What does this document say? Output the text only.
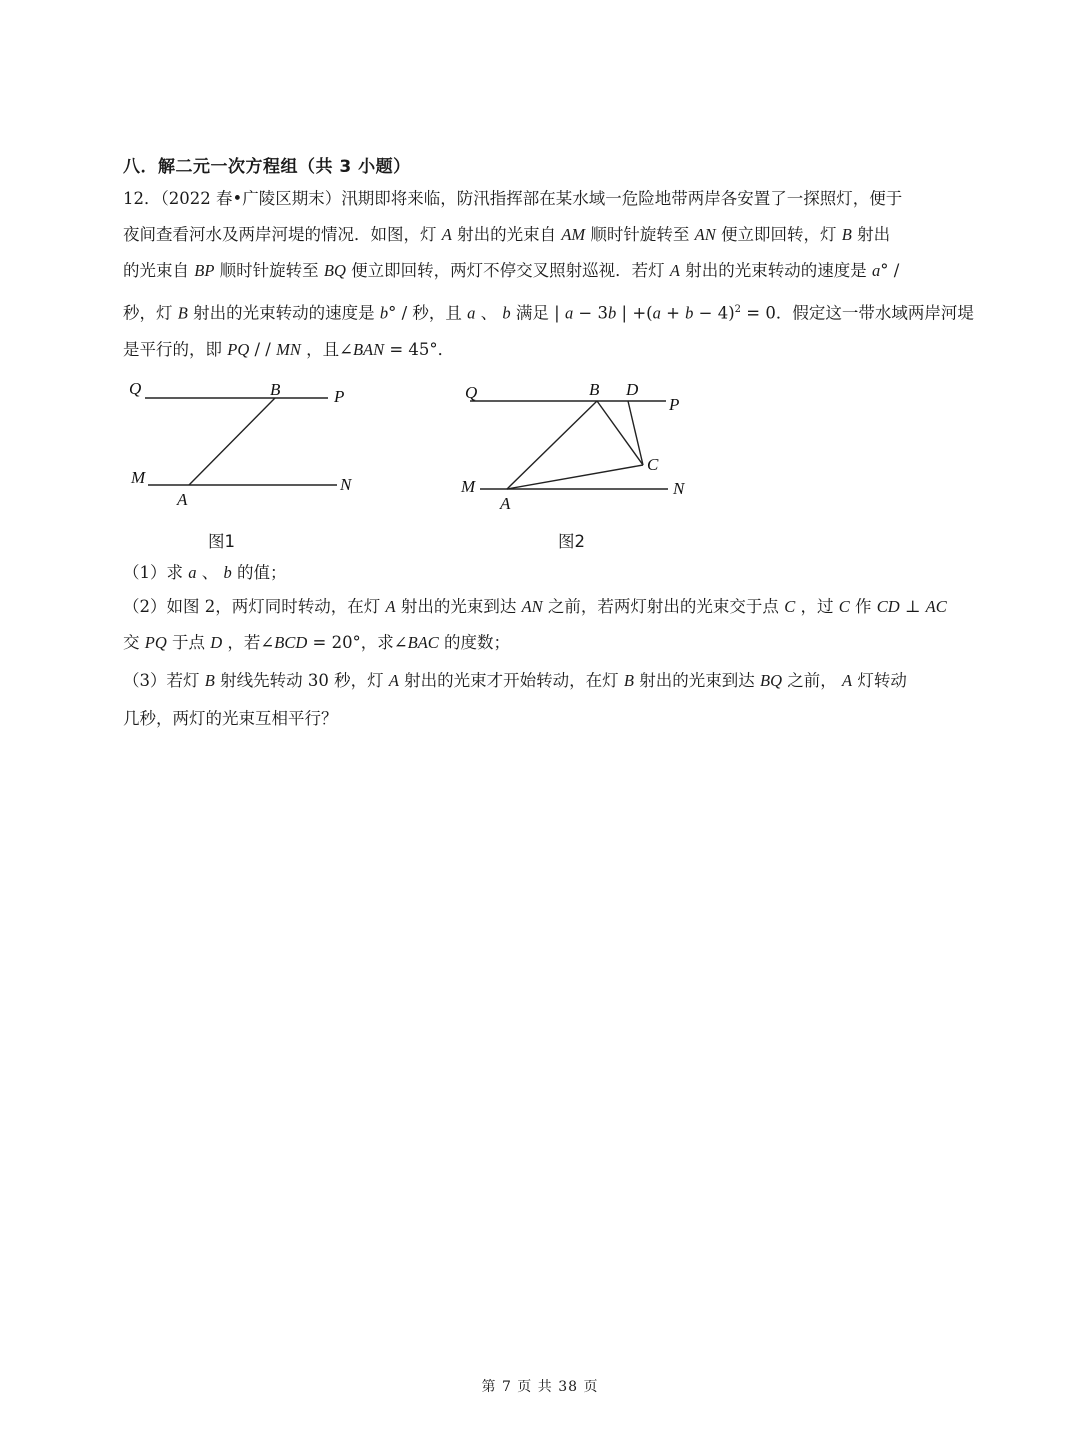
八．解二元一次方程组（共 3 小题）
12．（2022 春•广陵区期末）汛期即将来临，防汛指挥部在某水域一危险地带两岸各安置了一探照灯，便于
夜间查看河水及两岸河堤的情况．如图，灯 A 射出的光束自 AM 顺时针旋转至 AN 便立即回转，灯 B 射出
的光束自 BP 顺时针旋转至 BQ 便立即回转，两灯不停交叉照射巡视．若灯 A 射出的光束转动的速度是 a° /
秒，灯 B 射出的光束转动的速度是 b° / 秒，且 a 、 b 满足 | a − 3b | $+(a + b - 4)^2 = 0$．假定这一带水域两岸河堤
是平行的，即 PQ / / MN ，且∠BAN = 45°．
Q	B	P
M
A
N
图1
Q	B D
P
C
M
A
N
图2
（1）求 a 、 b 的值；
（2）如图 2，两灯同时转动，在灯 A 射出的光束到达 AN 之前，若两灯射出的光束交于点 C ，过 C 作 CD ⊥ AC
交 PQ 于点 D ，若∠BCD = 20°，求∠BAC 的度数；
（3）若灯 B 射线先转动 30 秒，灯 A 射出的光束才开始转动，在灯 B 射出的光束到达 BQ 之前， A 灯转动
几秒，两灯的光束互相平行？
第 7 页 共 38 页
